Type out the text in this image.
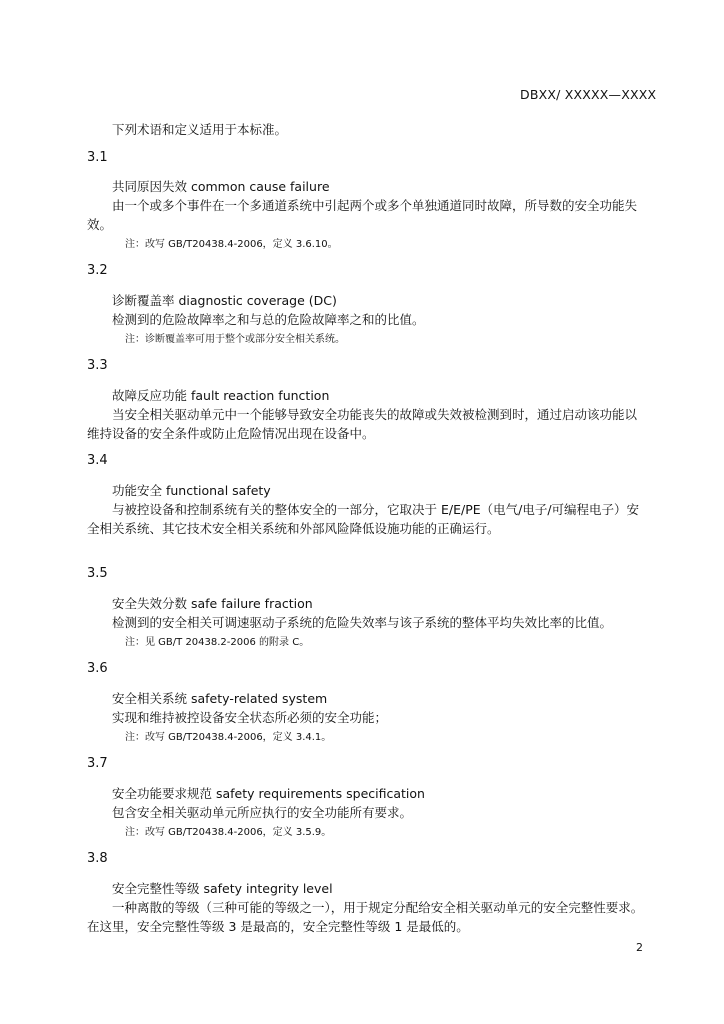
DBXX/ XXXXX—XXXX
下列术语和定义适用于本标准。
3.1
共同原因失效 common cause failure
由一个或多个事件在一个多通道系统中引起两个或多个单独通道同时故障，所导数的安全功能失
效。
注：改写 GB/T20438.4-2006，定义 3.6.10。
3.2
诊断覆盖率 diagnostic coverage (DC)
检测到的危险故障率之和与总的危险故障率之和的比值。
注：诊断覆盖率可用于整个或部分安全相关系统。
3.3
故障反应功能 fault reaction function
当安全相关驱动单元中一个能够导致安全功能丧失的故障或失效被检测到时，通过启动该功能以
维持设备的安全条件或防止危险情况出现在设备中。
3.4
功能安全 functional safety
与被控设备和控制系统有关的整体安全的一部分，它取决于 E/E/PE（电气/电子/可编程电子）安
全相关系统、其它技术安全相关系统和外部风险降低设施功能的正确运行。
3.5
安全失效分数 safe failure fraction
检测到的安全相关可调速驱动子系统的危险失效率与该子系统的整体平均失效比率的比值。
注：见 GB/T 20438.2-2006 的附录 C。
3.6
安全相关系统 safety-related system
实现和维持被控设备安全状态所必须的安全功能；
注：改写 GB/T20438.4-2006，定义 3.4.1。
3.7
安全功能要求规范 safety requirements specification
包含安全相关驱动单元所应执行的安全功能所有要求。
注：改写 GB/T20438.4-2006，定义 3.5.9。
3.8
安全完整性等级 safety integrity level
一种离散的等级（三种可能的等级之一），用于规定分配给安全相关驱动单元的安全完整性要求。
在这里，安全完整性等级 3 是最高的，安全完整性等级 1 是最低的。
2
